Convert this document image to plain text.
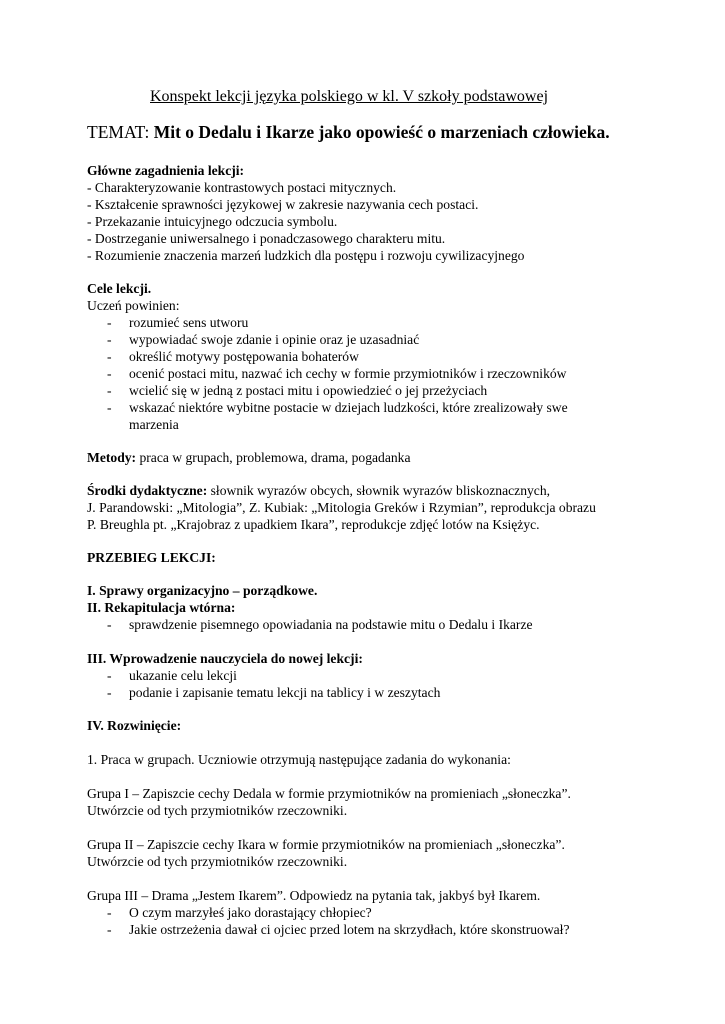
Konspekt lekcji języka polskiego w kl. V szkoły podstawowej
TEMAT: Mit o Dedalu i Ikarze jako opowieść o marzeniach człowieka.
Główne zagadnienia lekcji:
- Charakteryzowanie kontrastowych postaci mitycznych.
- Kształcenie sprawności językowej w zakresie nazywania cech postaci.
- Przekazanie intuicyjnego odczucia symbolu.
- Dostrzeganie uniwersalnego i ponadczasowego charakteru mitu.
- Rozumienie znaczenia marzeń ludzkich dla postępu i rozwoju cywilizacyjnego
Cele lekcji.
Uczeń powinien:
- rozumieć sens utworu
- wypowiadać swoje zdanie i opinie oraz je uzasadniać
- określić motywy postępowania bohaterów
- ocenić postaci mitu, nazwać ich cechy w formie przymiotników i rzeczowników
- wcielić się w jedną z postaci mitu i opowiedzieć o jej przeżyciach
- wskazać niektóre wybitne postacie w dziejach ludzkości, które zrealizowały swe
marzenia
Metody: praca w grupach, problemowa, drama, pogadanka
Środki dydaktyczne: słownik wyrazów obcych, słownik wyrazów bliskoznacznych,
J. Parandowski: „Mitologia”, Z. Kubiak: „Mitologia Greków i Rzymian”, reprodukcja obrazu
P. Breughla pt. „Krajobraz z upadkiem Ikara”, reprodukcje zdjęć lotów na Księżyc.
PRZEBIEG LEKCJI:
I. Sprawy organizacyjno – porządkowe.
II. Rekapitulacja wtórna:
- sprawdzenie pisemnego opowiadania na podstawie mitu o Dedalu i Ikarze
III. Wprowadzenie nauczyciela do nowej lekcji:
- ukazanie celu lekcji
- podanie i zapisanie tematu lekcji na tablicy i w zeszytach
IV. Rozwinięcie:
1. Praca w grupach. Uczniowie otrzymują następujące zadania do wykonania:
Grupa I – Zapiszcie cechy Dedala w formie przymiotników na promieniach „słoneczka”.
Utwórzcie od tych przymiotników rzeczowniki.
Grupa II – Zapiszcie cechy Ikara w formie przymiotników na promieniach „słoneczka”.
Utwórzcie od tych przymiotników rzeczowniki.
Grupa III – Drama „Jestem Ikarem”. Odpowiedz na pytania tak, jakbyś był Ikarem.
- O czym marzyłeś jako dorastający chłopiec?
- Jakie ostrzeżenia dawał ci ojciec przed lotem na skrzydłach, które skonstruował?
